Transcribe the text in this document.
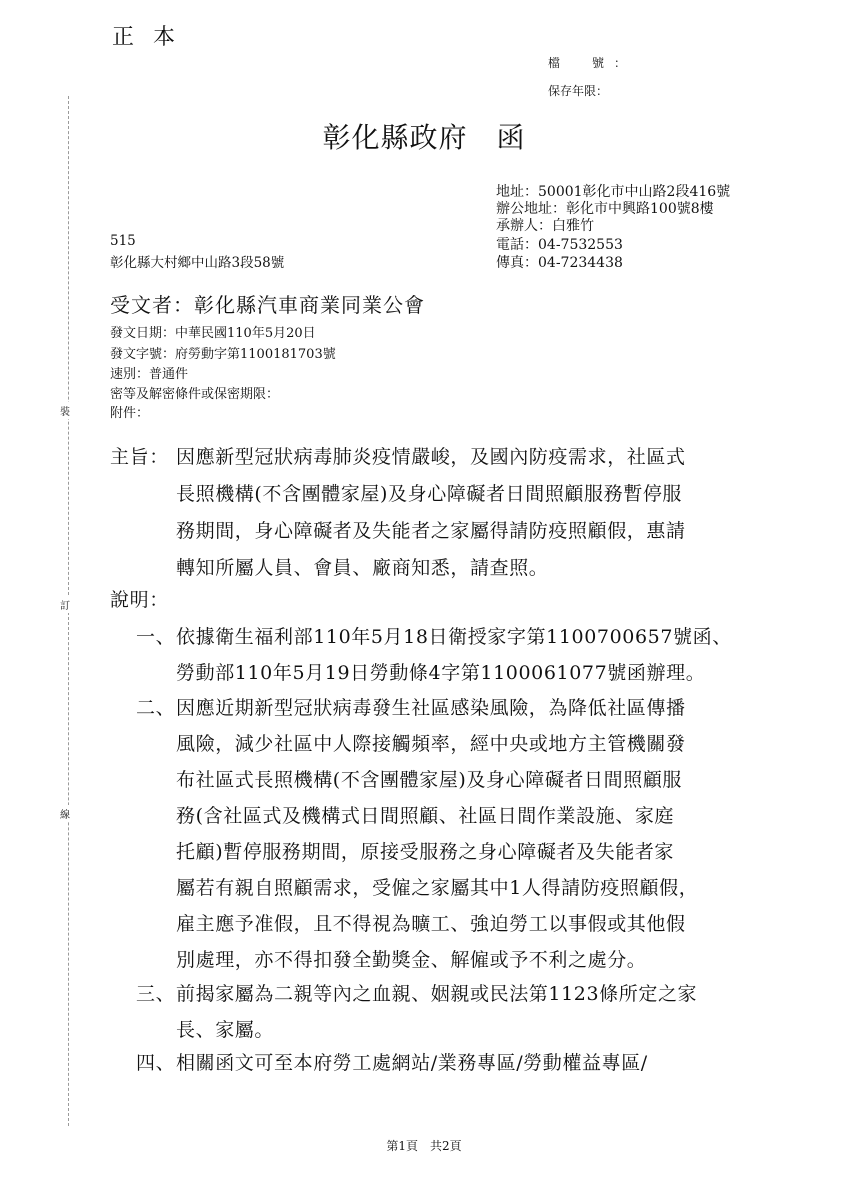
正 本
檔　號：
保存年限：
彰化縣政府　函
地址：50001彰化市中山路2段416號
辦公地址：彰化市中興路100號8樓
承辦人：白雅竹
電話：04-7532553
傳真：04-7234438
515
彰化縣大村鄉中山路3段58號
受文者：彰化縣汽車商業同業公會
發文日期：中華民國110年5月20日
發文字號：府勞動字第1100181703號
速別：普通件
密等及解密條件或保密期限：
附件：
裝
訂
線
主旨： 因應新型冠狀病毒肺炎疫情嚴峻，及國內防疫需求，社區式
長照機構(不含團體家屋)及身心障礙者日間照顧服務暫停服
務期間，身心障礙者及失能者之家屬得請防疫照顧假，惠請
轉知所屬人員、會員、廠商知悉，請查照。
說明：
一、 依據衛生福利部110年5月18日衛授家字第1100700657號函、
勞動部110年5月19日勞動條4字第1100061077號函辦理。
二、 因應近期新型冠狀病毒發生社區感染風險，為降低社區傳播
風險，減少社區中人際接觸頻率，經中央或地方主管機關發
布社區式長照機構(不含團體家屋)及身心障礙者日間照顧服
務(含社區式及機構式日間照顧、社區日間作業設施、家庭
托顧)暫停服務期間，原接受服務之身心障礙者及失能者家
屬若有親自照顧需求，受僱之家屬其中1人得請防疫照顧假，
雇主應予准假，且不得視為曠工、強迫勞工以事假或其他假
別處理，亦不得扣發全勤獎金、解僱或予不利之處分。
三、 前揭家屬為二親等內之血親、姻親或民法第1123條所定之家
長、家屬。
四、 相關函文可至本府勞工處網站/業務專區/勞動權益專區/
第1頁　共2頁
